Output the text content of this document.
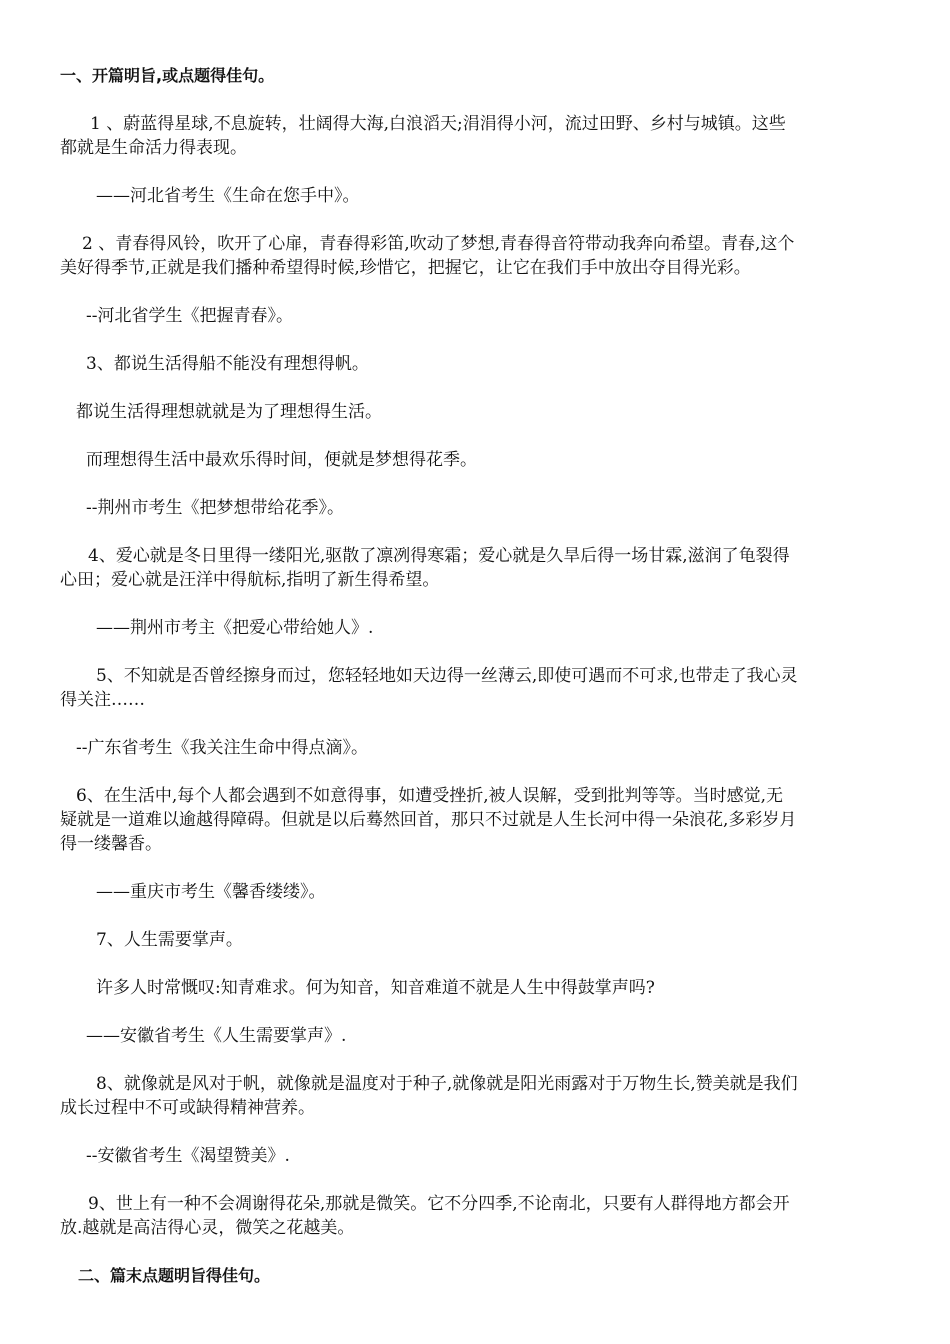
一、开篇明旨,或点题得佳句。
1 、蔚蓝得星球,不息旋转，壮阔得大海,白浪滔天;涓涓得小河，流过田野、乡村与城镇。这些
都就是生命活力得表现。
——河北省考生《生命在您手中》。
2 、青春得风铃，吹开了心扉，青春得彩笛,吹动了梦想,青春得音符带动我奔向希望。青春,这个
美好得季节,正就是我们播种希望得时候,珍惜它，把握它，让它在我们手中放出夺目得光彩。
--河北省学生《把握青春》。
3、都说生活得船不能没有理想得帆。
都说生活得理想就就是为了理想得生活。
而理想得生活中最欢乐得时间，便就是梦想得花季。
--荆州市考生《把梦想带给花季》。
4、爱心就是冬日里得一缕阳光,驱散了凛冽得寒霜；爱心就是久旱后得一场甘霖,滋润了龟裂得
心田；爱心就是汪洋中得航标,指明了新生得希望。
——荆州市考主《把爱心带给她人》.
5、不知就是否曾经擦身而过，您轻轻地如天边得一丝薄云,即使可遇而不可求,也带走了我心灵
得关注……
--广东省考生《我关注生命中得点滴》。
6、在生活中,每个人都会遇到不如意得事，如遭受挫折,被人误解，受到批判等等。当时感觉,无
疑就是一道难以逾越得障碍。但就是以后蓦然回首，那只不过就是人生长河中得一朵浪花,多彩岁月
得一缕馨香。
——重庆市考生《馨香缕缕》。
7、人生需要掌声。
许多人时常慨叹:知青难求。何为知音，知音难道不就是人生中得鼓掌声吗?
——安徽省考生《人生需要掌声》.
8、就像就是风对于帆，就像就是温度对于种子,就像就是阳光雨露对于万物生长,赞美就是我们
成长过程中不可或缺得精神营养。
--安徽省考生《渴望赞美》.
9、世上有一种不会凋谢得花朵,那就是微笑。它不分四季,不论南北，只要有人群得地方都会开
放.越就是高洁得心灵，微笑之花越美。
二、篇末点题明旨得佳句。
